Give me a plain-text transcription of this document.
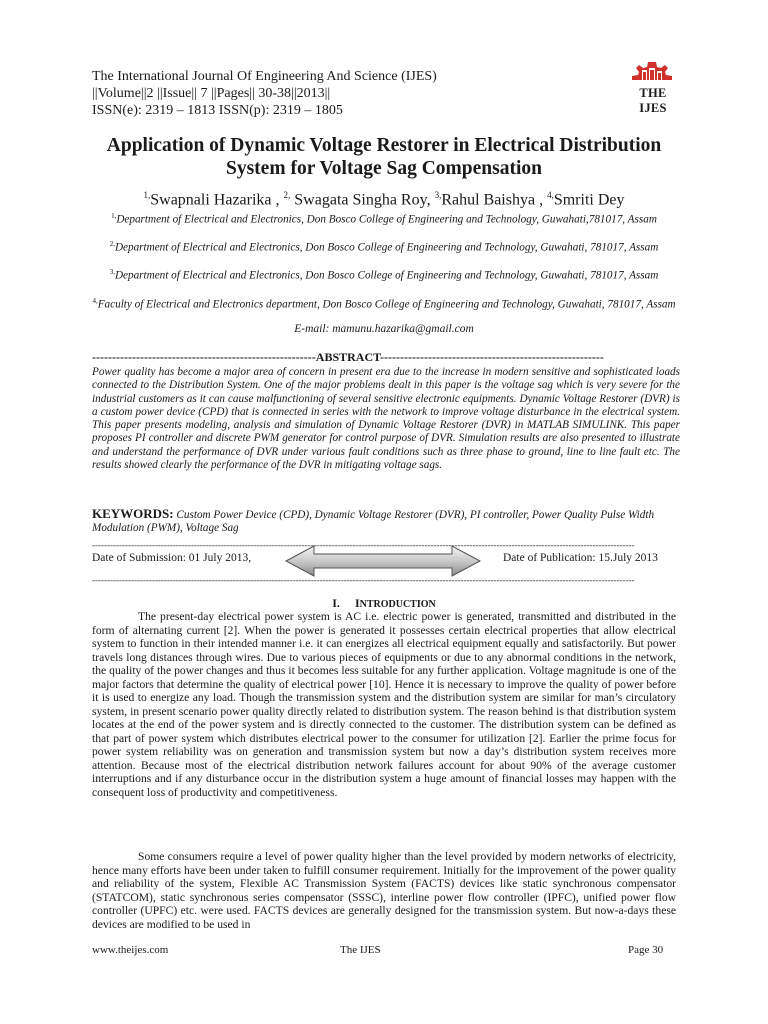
The International Journal Of Engineering And Science (IJES)
||Volume||2 ||Issue|| 7 ||Pages|| 30-38||2013||
ISSN(e): 2319 – 1813 ISSN(p): 2319 – 1805
THE IJES
Application of Dynamic Voltage Restorer in Electrical Distribution System for Voltage Sag Compensation
$^{1,}$Swapnali Hazarika , $^{2,}$ Swagata Singha Roy, $^{3,}$Rahul Baishya , $^{4,}$Smriti Dey
$^{1,}$Department of Electrical and Electronics, Don Bosco College of Engineering and Technology, Guwahati,781017, Assam
$^{2,}$Department of Electrical and Electronics, Don Bosco College of Engineering and Technology, Guwahati, 781017, Assam
$^{3,}$Department of Electrical and Electronics, Don Bosco College of Engineering and Technology, Guwahati, 781017, Assam
$^{4,}$Faculty of Electrical and Electronics department, Don Bosco College of Engineering and Technology, Guwahati, 781017, Assam
E-mail: mamunu.hazarika@gmail.com
--------------------------------------------------------ABSTRACT--------------------------------------------------------
Power quality has become a major area of concern in present era due to the increase in modern sensitive and sophisticated loads connected to the Distribution System. One of the major problems dealt in this paper is the voltage sag which is very severe for the industrial customers as it can cause malfunctioning of several sensitive electronic equipments. Dynamic Voltage Restorer (DVR) is a custom power device (CPD) that is connected in series with the network to improve voltage disturbance in the electrical system. This paper presents modeling, analysis and simulation of Dynamic Voltage Restorer (DVR) in MATLAB SIMULINK. This paper proposes PI controller and discrete PWM generator for control purpose of DVR. Simulation results are also presented to illustrate and understand the performance of DVR under various fault conditions such as three phase to ground, line to line fault etc. The results showed clearly the performance of the DVR in mitigating voltage sags.
KEYWORDS: Custom Power Device (CPD), Dynamic Voltage Restorer (DVR), PI controller, Power Quality Pulse Width Modulation (PWM), Voltage Sag
-------------------------------------------------------------------------------------------------------------------------------------------------------------------------------------
Date of Submission: 01 July 2013,	Date of Publication: 15.July 2013
-------------------------------------------------------------------------------------------------------------------------------------------------------------------------------------
I. INTRODUCTION
The present-day electrical power system is AC i.e. electric power is generated, transmitted and distributed in the form of alternating current [2]. When the power is generated it possesses certain electrical properties that allow electrical system to function in their intended manner i.e. it can energizes all electrical equipment equally and satisfactorily. But power travels long distances through wires. Due to various pieces of equipments or due to any abnormal conditions in the network, the quality of the power changes and thus it becomes less suitable for any further application. Voltage magnitude is one of the major factors that determine the quality of electrical power [10]. Hence it is necessary to improve the quality of power before it is used to energize any load. Though the transmission system and the distribution system are similar for man’s circulatory system, in present scenario power quality directly related to distribution system. The reason behind is that distribution system locates at the end of the power system and is directly connected to the customer. The distribution system can be defined as that part of power system which distributes electrical power to the consumer for utilization [2]. Earlier the prime focus for power system reliability was on generation and transmission system but now a day’s distribution system receives more attention. Because most of the electrical distribution network failures account for about 90% of the average customer interruptions and if any disturbance occur in the distribution system a huge amount of financial losses may happen with the consequent loss of productivity and competitiveness.
Some consumers require a level of power quality higher than the level provided by modern networks of electricity, hence many efforts have been under taken to fulfill consumer requirement. Initially for the improvement of the power quality and reliability of the system, Flexible AC Transmission System (FACTS) devices like static synchronous compensator (STATCOM), static synchronous series compensator (SSSC), interline power flow controller (IPFC), unified power flow controller (UPFC) etc. were used. FACTS devices are generally designed for the transmission system. But now-a-days these devices are modified to be used in
www.theijes.com	The IJES	Page 30
